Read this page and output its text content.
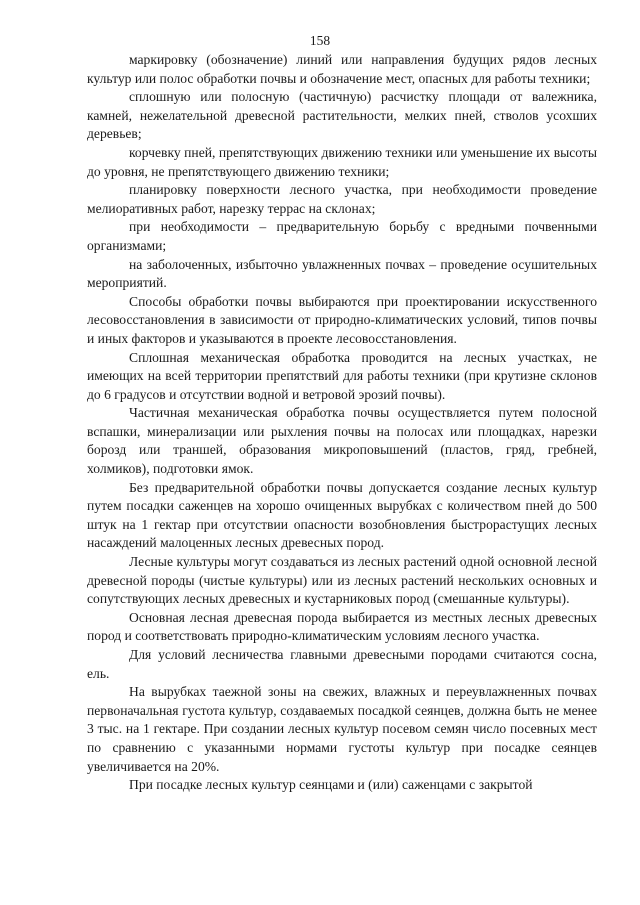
158

маркировку (обозначение) линий или направления будущих рядов лесных культур или полос обработки почвы и обозначение мест, опасных для работы техники;

сплошную или полосную (частичную) расчистку площади от валежника, камней, нежелательной древесной растительности, мелких пней, стволов усохших деревьев;

корчевку пней, препятствующих движению техники или уменьшение их высоты до уровня, не препятствующего движению техники;

планировку поверхности лесного участка, при необходимости проведение мелиоративных работ, нарезку террас на склонах;

при необходимости – предварительную борьбу с вредными почвенными организмами;

на заболоченных, избыточно увлажненных почвах – проведение осушительных мероприятий.

Способы обработки почвы выбираются при проектировании искусственного лесовосстановления в зависимости от природно-климатических условий, типов почвы и иных факторов и указываются в проекте лесовосстановления.

Сплошная механическая обработка проводится на лесных участках, не имеющих на всей территории препятствий для работы техники (при крутизне склонов до 6 градусов и отсутствии водной и ветровой эрозий почвы).

Частичная механическая обработка почвы осуществляется путем полосной вспашки, минерализации или рыхления почвы на полосах или площадках, нарезки борозд или траншей, образования микроповышений (пластов, гряд, гребней, холмиков), подготовки ямок.

Без предварительной обработки почвы допускается создание лесных культур путем посадки саженцев на хорошо очищенных вырубках с количеством пней до 500 штук на 1 гектар при отсутствии опасности возобновления быстрорастущих лесных насаждений малоценных лесных древесных пород.

Лесные культуры могут создаваться из лесных растений одной основной лесной древесной породы (чистые культуры) или из лесных растений нескольких основных и сопутствующих лесных древесных и кустарниковых пород (смешанные культуры).

Основная лесная древесная порода выбирается из местных лесных древесных пород и соответствовать природно-климатическим условиям лесного участка.

Для условий лесничества главными древесными породами считаются сосна, ель.

На вырубках таежной зоны на свежих, влажных и переувлажненных почвах первоначальная густота культур, создаваемых посадкой сеянцев, должна быть не менее 3 тыс. на 1 гектаре. При создании лесных культур посевом семян число посевных мест по сравнению с указанными нормами густоты культур при посадке сеянцев увеличивается на 20%.

При посадке лесных культур сеянцами и (или) саженцами с закрытой
